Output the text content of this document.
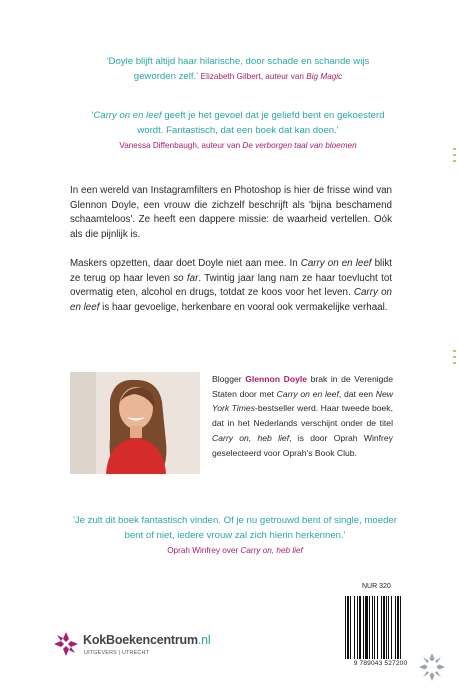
'Doyle blijft altijd haar hilarische, door schade en schande wijs geworden zelf.' Elizabeth Gilbert, auteur van Big Magic
'Carry on en leef geeft je het gevoel dat je geliefd bent en gekoesterd wordt. Fantastisch, dat een boek dat kan doen.'
Vanessa Diffenbaugh, auteur van De verborgen taal van bloemen
In een wereld van Instagramfilters en Photoshop is hier de frisse wind van Glennon Doyle, een vrouw die zichzelf beschrijft als 'bijna beschamend schaamteloos'. Ze heeft een dappere missie: de waarheid vertellen. Oók als die pijnlijk is.
Maskers opzetten, daar doet Doyle niet aan mee. In Carry on en leef blikt ze terug op haar leven so far. Twintig jaar lang nam ze haar toevlucht tot overmatig eten, alcohol en drugs, totdat ze koos voor het leven. Carry on en leef is haar gevoelige, herkenbare en vooral ook vermakelijke verhaal.
Blogger Glennon Doyle brak in de Verenigde Staten door met Carry on en leef, dat een New York Times-bestseller werd. Haar tweede boek, dat in het Nederlands verschijnt onder de titel Carry on, heb lief, is door Oprah Winfrey geselecteerd voor Oprah's Book Club.
'Je zult dit boek fantastisch vinden. Of je nu getrouwd bent of single, moeder bent of niet, iedere vrouw zal zich hierin herkennen.'
Oprah Winfrey over Carry on, heb lief
NUR 320
9 789043 527200
KokBoekencentrum.nl
UITGEVERS | UTRECHT
